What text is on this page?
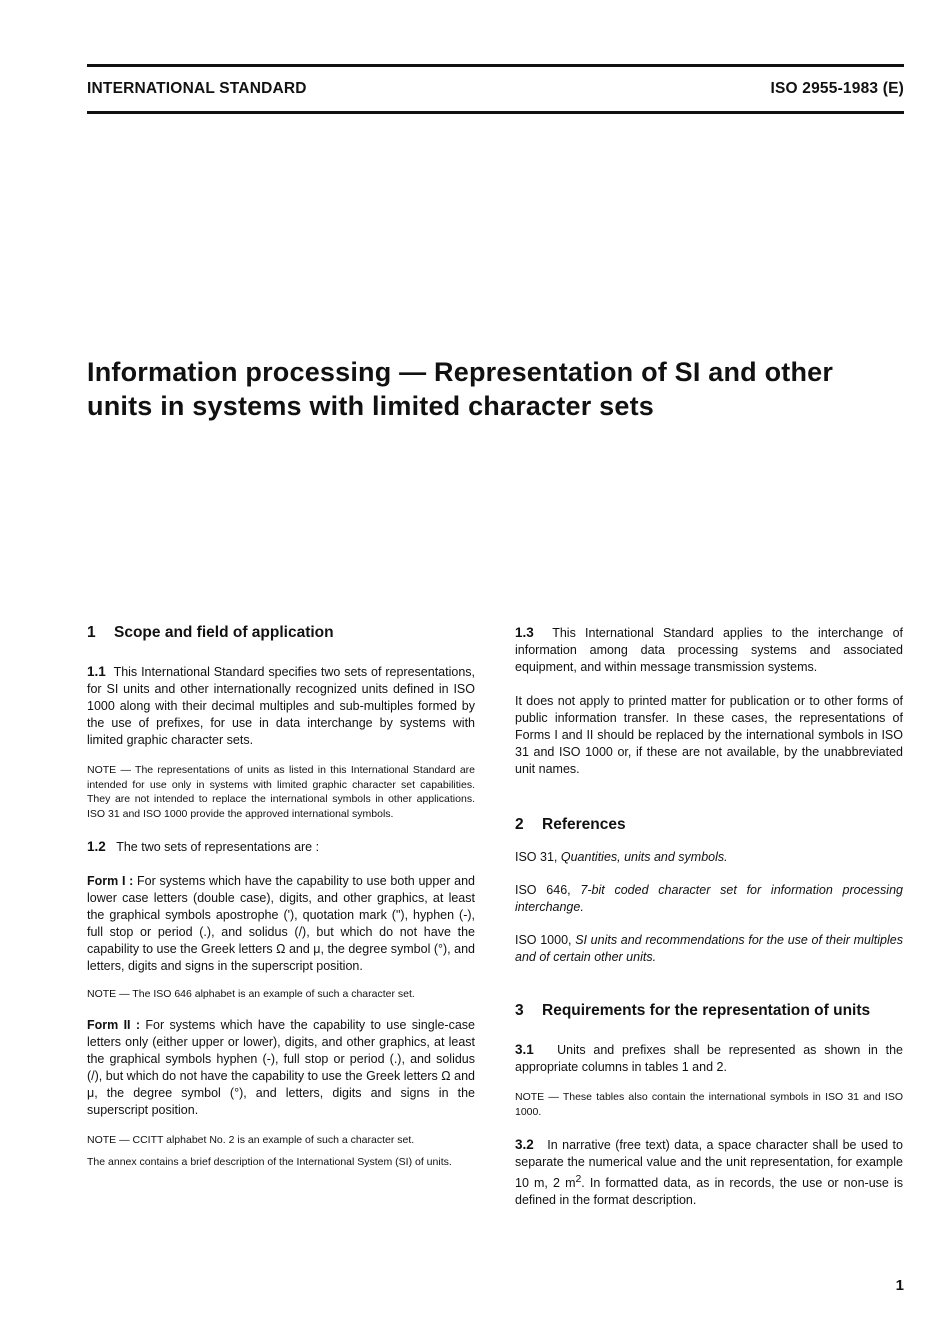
INTERNATIONAL STANDARD	ISO 2955-1983 (E)
Information processing — Representation of SI and other
units in systems with limited character sets

1 Scope and field of application

1.1 This International Standard specifies two sets of representations, for SI units and other internationally recognized units defined in ISO 1000 along with their decimal multiples and sub-multiples formed by the use of prefixes, for use in data interchange by systems with limited graphic character sets.

NOTE — The representations of units as listed in this International Standard are intended for use only in systems with limited graphic character set capabilities. They are not intended to replace the international symbols in other applications. ISO 31 and ISO 1000 provide the approved international symbols.

1.2 The two sets of representations are :

Form I : For systems which have the capability to use both upper and lower case letters (double case), digits, and other graphics, at least the graphical symbols apostrophe ('), quotation mark ("), hyphen (-), full stop or period (.), and solidus (/), but which do not have the capability to use the Greek letters Ω and μ, the degree symbol (°), and letters, digits and signs in the superscript position.

NOTE — The ISO 646 alphabet is an example of such a character set.

Form II : For systems which have the capability to use single-case letters only (either upper or lower), digits, and other graphics, at least the graphical symbols hyphen (-), full stop or period (.), and solidus (/), but which do not have the capability to use the Greek letters Ω and μ, the degree symbol (°), and letters, digits and signs in the superscript position.

NOTE — CCITT alphabet No. 2 is an example of such a character set.

The annex contains a brief description of the International System (SI) of units.

1.3 This International Standard applies to the interchange of information among data processing systems and associated equipment, and within message transmission systems.

It does not apply to printed matter for publication or to other forms of public information transfer. In these cases, the representations of Forms I and II should be replaced by the international symbols in ISO 31 and ISO 1000 or, if these are not available, by the unabbreviated unit names.

2 References

ISO 31, Quantities, units and symbols.

ISO 646, 7-bit coded character set for information processing interchange.

ISO 1000, SI units and recommendations for the use of their multiples and of certain other units.

3 Requirements for the representation of units

3.1 Units and prefixes shall be represented as shown in the appropriate columns in tables 1 and 2.

NOTE — These tables also contain the international symbols in ISO 31 and ISO 1000.

3.2 In narrative (free text) data, a space character shall be used to separate the numerical value and the unit representation, for example 10 m, 2 $m^2$. In formatted data, as in records, the use or non-use is defined in the format description.

1
